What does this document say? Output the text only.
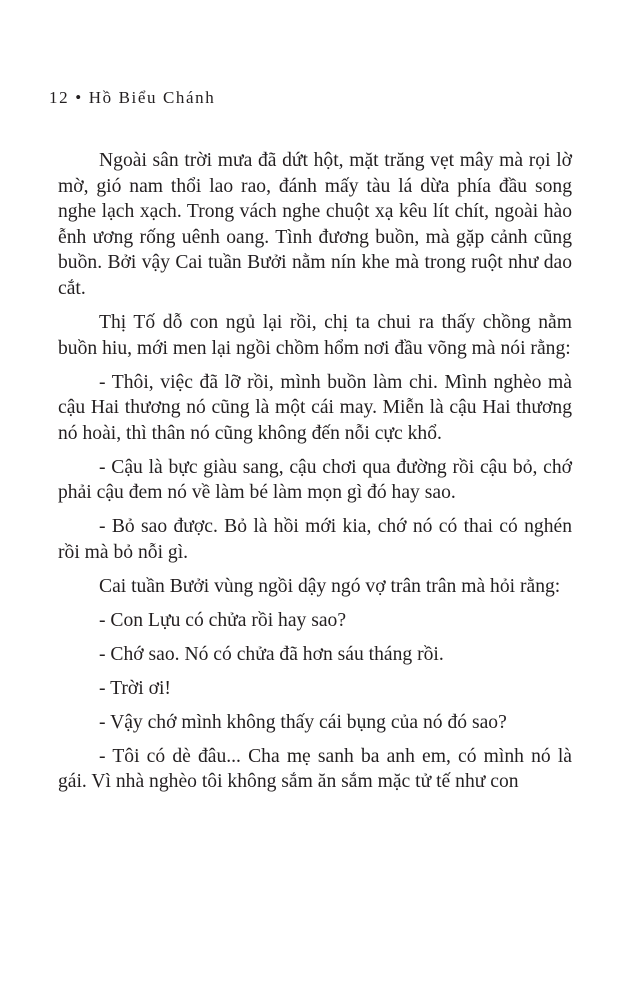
12 • Hồ Biểu Chánh

Ngoài sân trời mưa đã dứt hột, mặt trăng vẹt mây mà rọi lờ mờ, gió nam thổi lao rao, đánh mấy tàu lá dừa phía đầu song nghe lạch xạch. Trong vách nghe chuột xạ kêu lít chít, ngoài hào ễnh ương rống uênh oang. Tình đương buồn, mà gặp cảnh cũng buồn. Bởi vậy Cai tuần Bưởi nằm nín khe mà trong ruột như dao cắt.

Thị Tố dỗ con ngủ lại rồi, chị ta chui ra thấy chồng nằm buồn hiu, mới men lại ngồi chồm hổm nơi đầu võng mà nói rằng:

- Thôi, việc đã lỡ rồi, mình buồn làm chi. Mình nghèo mà cậu Hai thương nó cũng là một cái may. Miễn là cậu Hai thương nó hoài, thì thân nó cũng không đến nỗi cực khổ.

- Cậu là bực giàu sang, cậu chơi qua đường rồi cậu bỏ, chớ phải cậu đem nó về làm bé làm mọn gì đó hay sao.

- Bỏ sao được. Bỏ là hồi mới kia, chớ nó có thai có nghén rồi mà bỏ nỗi gì.

Cai tuần Bưởi vùng ngồi dậy ngó vợ trân trân mà hỏi rằng:

- Con Lựu có chửa rồi hay sao?

- Chớ sao. Nó có chửa đã hơn sáu tháng rồi.

- Trời ơi!

- Vậy chớ mình không thấy cái bụng của nó đó sao?

- Tôi có dè đâu... Cha mẹ sanh ba anh em, có mình nó là gái. Vì nhà nghèo tôi không sắm ăn sắm mặc tử tế như con
